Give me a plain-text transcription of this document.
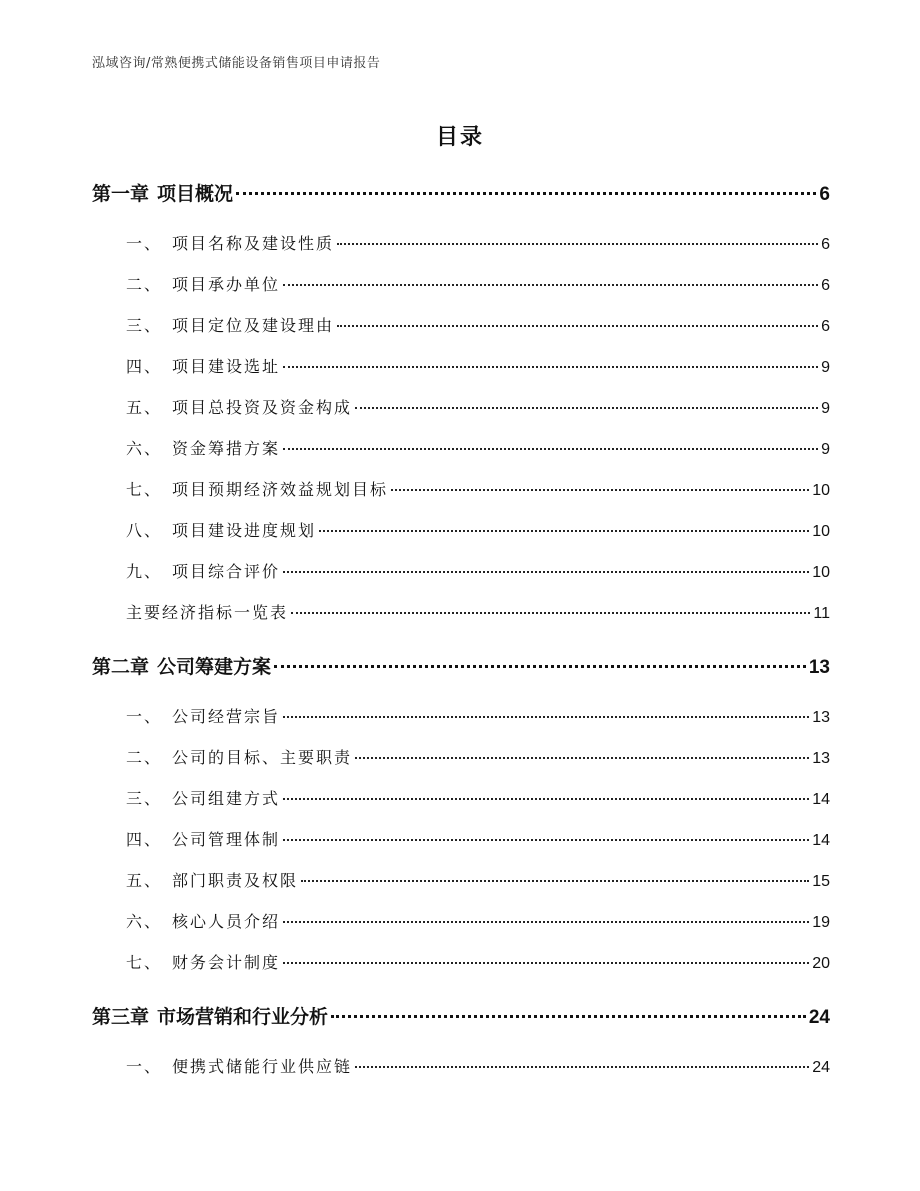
泓域咨询/常熟便携式储能设备销售项目申请报告
目录
第一章 项目概况	6
一、 项目名称及建设性质	6
二、 项目承办单位	6
三、 项目定位及建设理由	6
四、 项目建设选址	9
五、 项目总投资及资金构成	9
六、 资金筹措方案	9
七、 项目预期经济效益规划目标	10
八、 项目建设进度规划	10
九、 项目综合评价	10
主要经济指标一览表	11
第二章 公司筹建方案	13
一、 公司经营宗旨	13
二、 公司的目标、主要职责	13
三、 公司组建方式	14
四、 公司管理体制	14
五、 部门职责及权限	15
六、 核心人员介绍	19
七、 财务会计制度	20
第三章 市场营销和行业分析	24
一、 便携式储能行业供应链	24
